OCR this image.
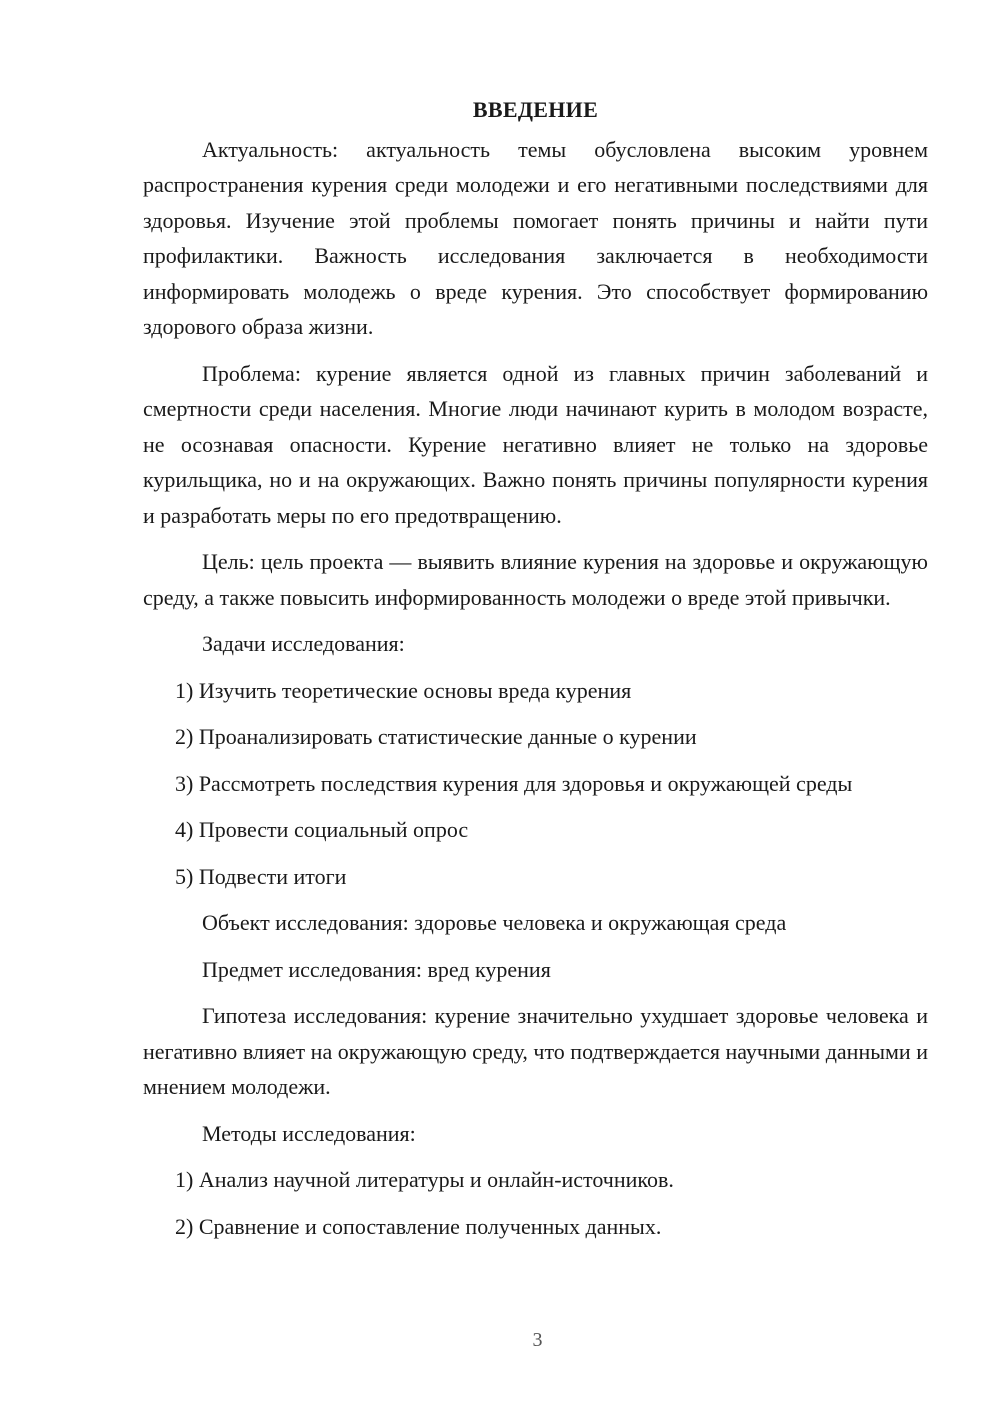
ВВЕДЕНИЕ

Актуальность: актуальность темы обусловлена высоким уровнем распространения курения среди молодежи и его негативными последствиями для здоровья. Изучение этой проблемы помогает понять причины и найти пути профилактики. Важность исследования заключается в необходимости информировать молодежь о вреде курения. Это способствует формированию здорового образа жизни.

Проблема: курение является одной из главных причин заболеваний и смертности среди населения. Многие люди начинают курить в молодом возрасте, не осознавая опасности. Курение негативно влияет не только на здоровье курильщика, но и на окружающих. Важно понять причины популярности курения и разработать меры по его предотвращению.

Цель: цель проекта — выявить влияние курения на здоровье и окружающую среду, а также повысить информированность молодежи о вреде этой привычки.

Задачи исследования:

1) Изучить теоретические основы вреда курения

2) Проанализировать статистические данные о курении

3) Рассмотреть последствия курения для здоровья и окружающей среды

4) Провести социальный опрос

5) Подвести итоги

Объект исследования: здоровье человека и окружающая среда

Предмет исследования: вред курения

Гипотеза исследования: курение значительно ухудшает здоровье человека и негативно влияет на окружающую среду, что подтверждается научными данными и мнением молодежи.

Методы исследования:

1) Анализ научной литературы и онлайн-источников.

2) Сравнение и сопоставление полученных данных.

3
